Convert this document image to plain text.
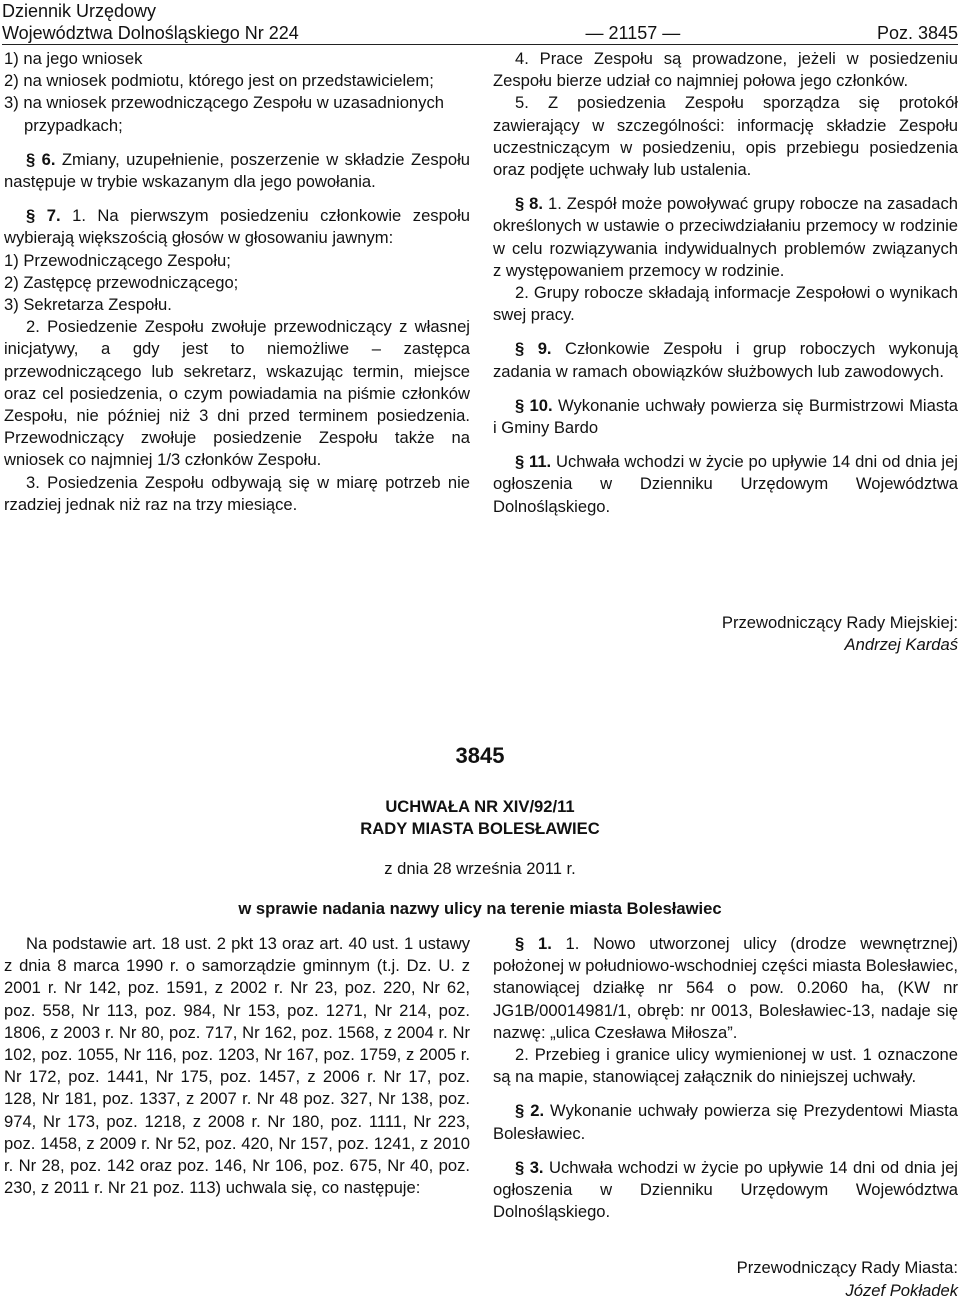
Dziennik Urzędowy
Województwa Dolnośląskiego Nr 224	— 21157 —	Poz. 3845

1) na jego wniosek

2) na wniosek podmiotu, którego jest on przedstawicielem;

3) na wniosek przewodniczącego Zespołu w uzasadnionych przypadkach;

§ 6. Zmiany, uzupełnienie, poszerzenie w składzie Zespołu następuje w trybie wskazanym dla jego powołania.

§ 7. 1. Na pierwszym posiedzeniu członkowie zespołu wybierają większością głosów w głosowaniu jawnym:

1) Przewodniczącego Zespołu;

2) Zastępcę przewodniczącego;

3) Sekretarza Zespołu.

2. Posiedzenie Zespołu zwołuje przewodniczący z własnej inicjatywy, a gdy jest to niemożliwe – zastępca przewodniczącego lub sekretarz, wskazując termin, miejsce oraz cel posiedzenia, o czym powiadamia na piśmie członków Zespołu, nie później niż 3 dni przed terminem posiedzenia. Przewodniczący zwołuje posiedzenie Zespołu także na wniosek co najmniej 1/3 członków Zespołu.

3. Posiedzenia Zespołu odbywają się w miarę potrzeb nie rzadziej jednak niż raz na trzy miesiące.

4. Prace Zespołu są prowadzone, jeżeli w posiedzeniu Zespołu bierze udział co najmniej połowa jego członków.

5. Z posiedzenia Zespołu sporządza się protokół zawierający w szczególności: informację składzie Zespołu uczestniczącym w posiedzeniu, opis przebiegu posiedzenia oraz podjęte uchwały lub ustalenia.

§ 8. 1. Zespół może powoływać grupy robocze na zasadach określonych w ustawie o przeciwdziałaniu przemocy w rodzinie w celu rozwiązywania indywidualnych problemów związanych z występowaniem przemocy w rodzinie.

2. Grupy robocze składają informacje Zespołowi o wynikach swej pracy.

§ 9. Członkowie Zespołu i grup roboczych wykonują zadania w ramach obowiązków służbowych lub zawodowych.

§ 10. Wykonanie uchwały powierza się Burmistrzowi Miasta i Gminy Bardo

§ 11. Uchwała wchodzi w życie po upływie 14 dni od dnia jej ogłoszenia w Dzienniku Urzędowym Województwa Dolnośląskiego.

Przewodniczący Rady Miejskiej:

Andrzej Kardaś

3845
UCHWAŁA NR XIV/92/11
RADY MIASTA BOLESŁAWIEC
z dnia 28 września 2011 r.
w sprawie nadania nazwy ulicy na terenie miasta Bolesławiec

Na podstawie art. 18 ust. 2 pkt 13 oraz art. 40 ust. 1 ustawy z dnia 8 marca 1990 r. o samorządzie gminnym (t.j. Dz. U. z 2001 r. Nr 142, poz. 1591, z 2002 r. Nr 23, poz. 220, Nr 62, poz. 558, Nr 113, poz. 984, Nr 153, poz. 1271, Nr 214, poz. 1806, z 2003 r. Nr 80, poz. 717, Nr 162, poz. 1568, z 2004 r. Nr 102, poz. 1055, Nr 116, poz. 1203, Nr 167, poz. 1759, z 2005 r. Nr 172, poz. 1441, Nr 175, poz. 1457, z 2006 r. Nr 17, poz. 128, Nr 181, poz. 1337, z 2007 r. Nr 48 poz. 327, Nr 138, poz. 974, Nr 173, poz. 1218, z 2008 r. Nr 180, poz. 1111, Nr 223, poz. 1458, z 2009 r. Nr 52, poz. 420, Nr 157, poz. 1241, z 2010 r. Nr 28, poz. 142 oraz poz. 146, Nr 106, poz. 675, Nr 40, poz. 230, z 2011 r. Nr 21 poz. 113) uchwala się, co następuje:

§ 1. 1. Nowo utworzonej ulicy (drodze wewnętrznej) położonej w południowo-wschodniej części miasta Bolesławiec, stanowiącej działkę nr 564 o pow. 0.2060 ha, (KW nr JG1B/00014981/1, obręb: nr 0013, Bolesławiec-13, nadaje się nazwę: „ulica Czesława Miłosza”.

2. Przebieg i granice ulicy wymienionej w ust. 1 oznaczone są na mapie, stanowiącej załącznik do niniejszej uchwały.

§ 2. Wykonanie uchwały powierza się Prezydentowi Miasta Bolesławiec.

§ 3. Uchwała wchodzi w życie po upływie 14 dni od dnia jej ogłoszenia w Dzienniku Urzędowym Województwa Dolnośląskiego.

Przewodniczący Rady Miasta:

Józef Pokładek
